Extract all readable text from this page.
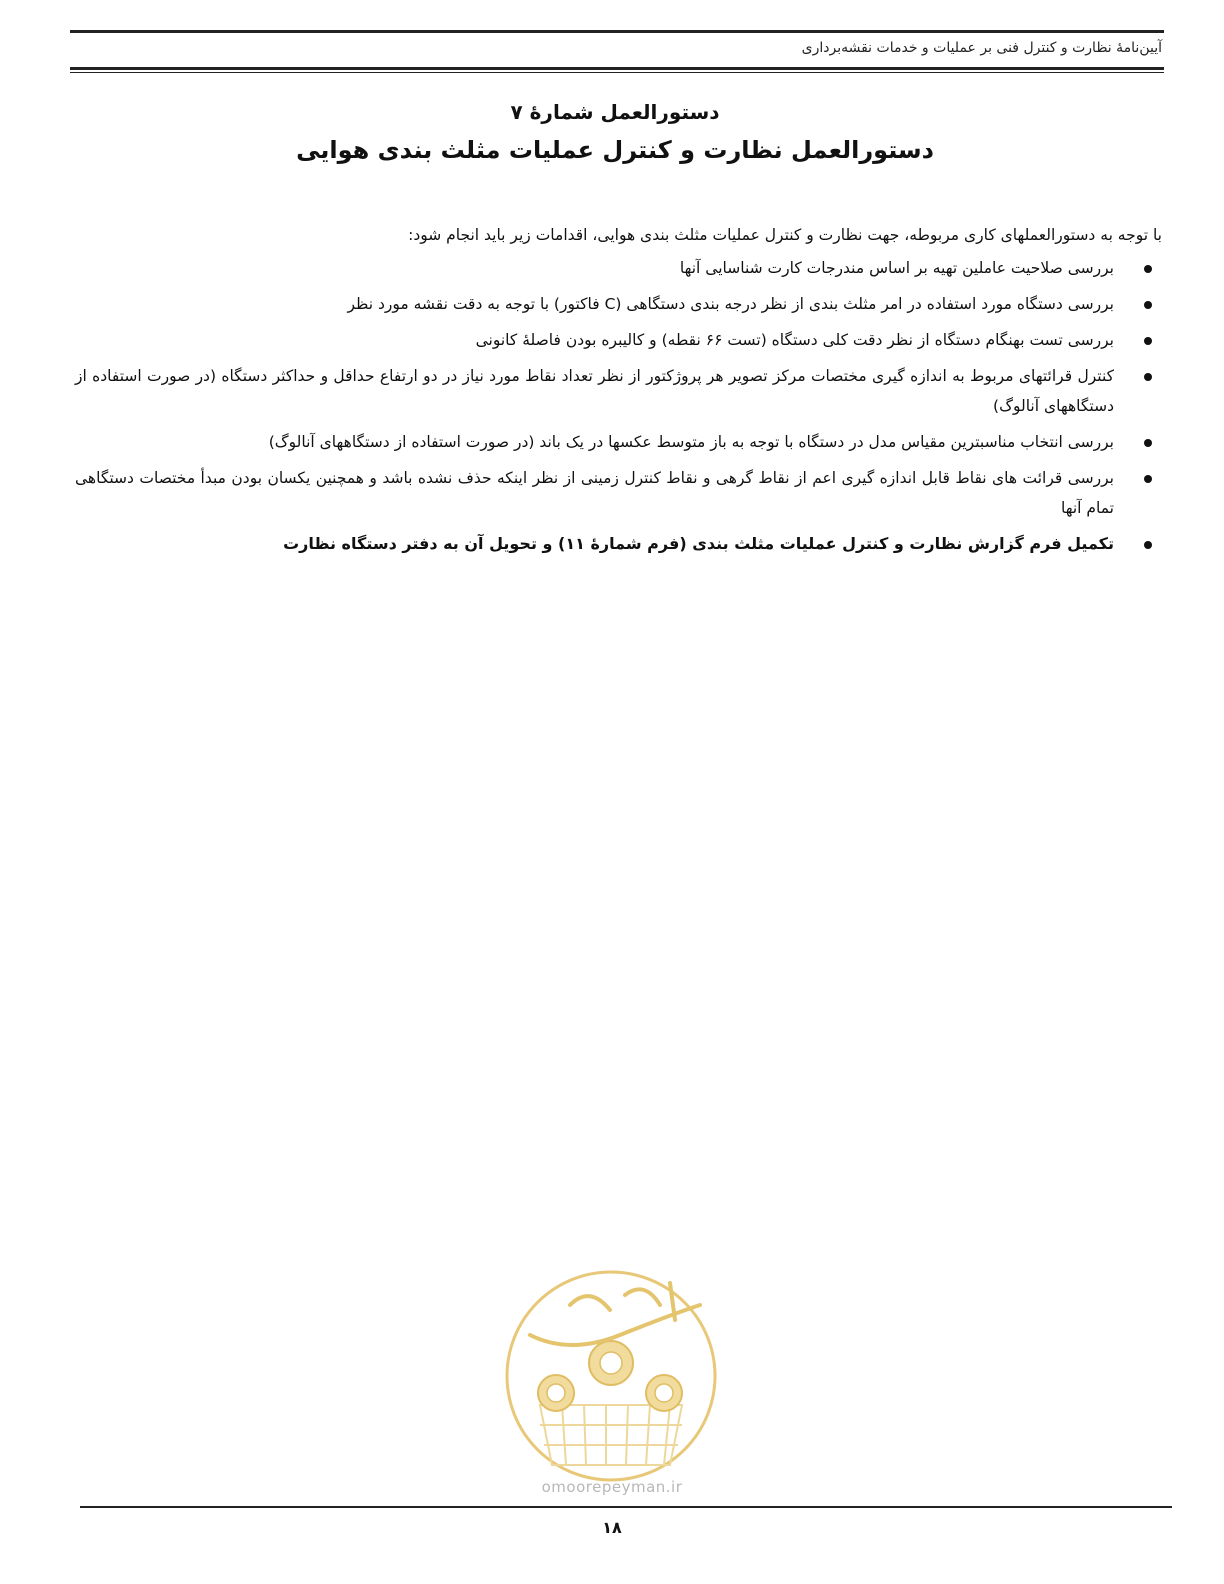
آیین‌نامهٔ نظارت و کنترل فنی بر عملیات و خدمات نقشه‌برداری
دستورالعمل شمارهٔ ۷
دستورالعمل نظارت و کنترل عملیات مثلث بندی هوایی

با توجه به دستورالعملهای کاری مربوطه، جهت نظارت و کنترل عملیات مثلث بندی هوایی، اقدامات زیر باید انجام شود:

بررسی صلاحیت عاملین تهیه بر اساس مندرجات کارت شناسایی آنها
بررسی دستگاه مورد استفاده در امر مثلث بندی از نظر درجه بندی دستگاهی (C فاکتور) با توجه به دقت نقشه مورد نظر
بررسی تست بهنگام دستگاه از نظر دقت کلی دستگاه (تست ۶۶ نقطه) و کالیبره بودن فاصلهٔ کانونی
کنترل قرائتهای مربوط به اندازه گیری مختصات مرکز تصویر هر پروژکتور از نظر تعداد نقاط مورد نیاز در دو ارتفاع حداقل و حداکثر دستگاه (در صورت استفاده از دستگاههای آنالوگ)
بررسی انتخاب مناسبترین مقیاس مدل در دستگاه با توجه به باز متوسط عکسها در یک باند (در صورت استفاده از دستگاههای آنالوگ)
بررسی قرائت های نقاط قابل اندازه گیری اعم از نقاط گرهی و نقاط کنترل زمینی از نظر اینکه حذف نشده باشد و همچنین یکسان بودن مبدأ مختصات دستگاهی تمام آنها
تکمیل فرم گزارش نظارت و کنترل عملیات مثلث بندی (فرم شمارهٔ ۱۱) و تحویل آن به دفتر دستگاه نظارت
omoorepeyman.ir
۱۸
